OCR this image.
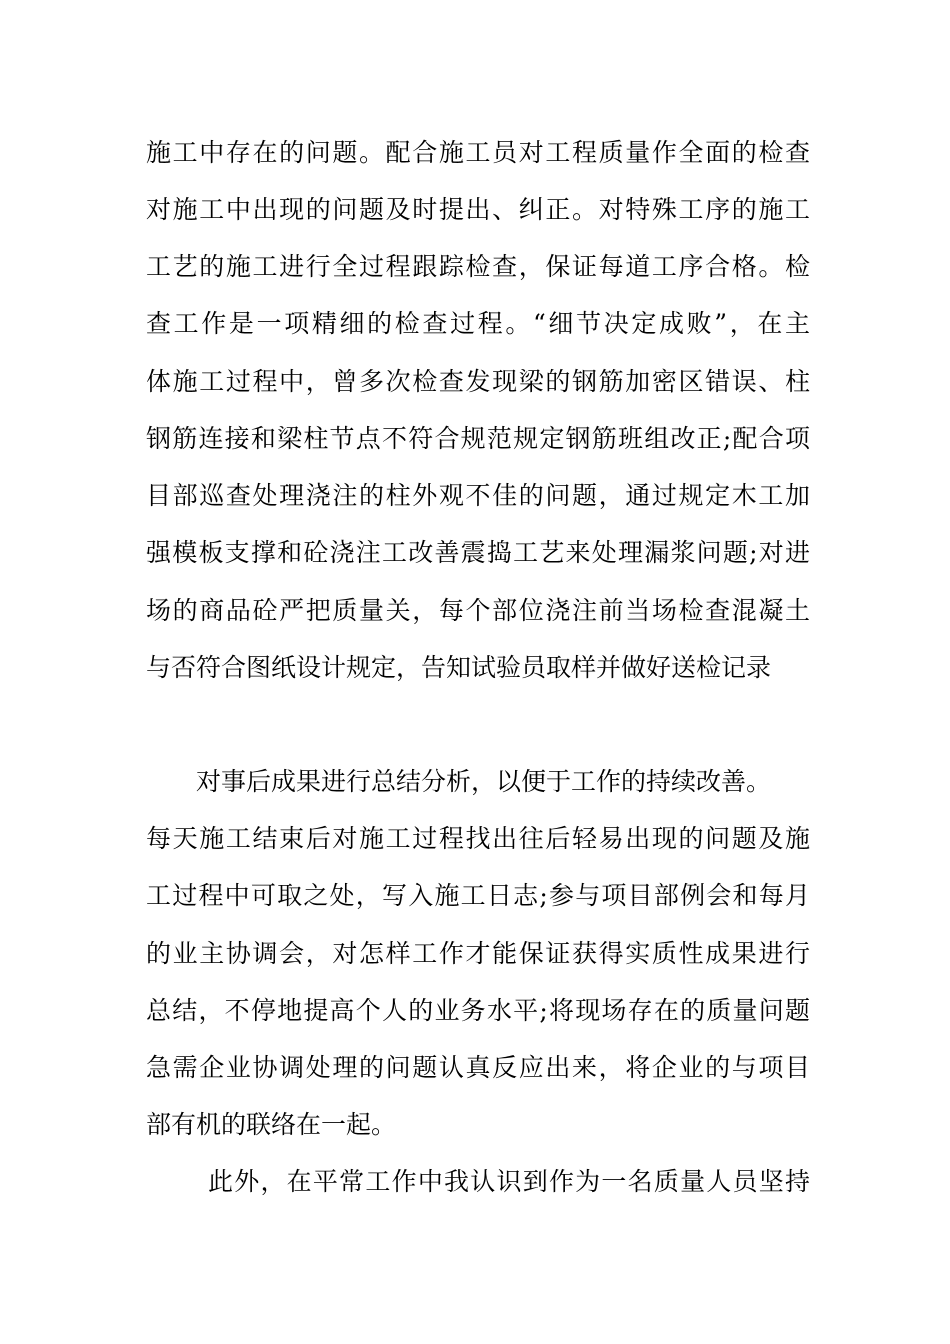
施工中存在的问题。配合施工员对工程质量作全面的检查
对施工中出现的问题及时提出、纠正。对特殊工序的施工
工艺的施工进行全过程跟踪检查，保证每道工序合格。检
查工作是一项精细的检查过程。“细节决定成败”，在主
体施工过程中，曾多次检查发现梁的钢筋加密区错误、柱
钢筋连接和梁柱节点不符合规范规定钢筋班组改正;配合项
目部巡查处理浇注的柱外观不佳的问题，通过规定木工加
强模板支撑和砼浇注工改善震捣工艺来处理漏浆问题;对进
场的商品砼严把质量关，每个部位浇注前当场检查混凝土
与否符合图纸设计规定，告知试验员取样并做好送检记录
对事后成果进行总结分析，以便于工作的持续改善。
每天施工结束后对施工过程找出往后轻易出现的问题及施
工过程中可取之处，写入施工日志;参与项目部例会和每月
的业主协调会，对怎样工作才能保证获得实质性成果进行
总结，不停地提高个人的业务水平;将现场存在的质量问题
急需企业协调处理的问题认真反应出来，将企业的与项目
部有机的联络在一起。
此外，在平常工作中我认识到作为一名质量人员坚持
